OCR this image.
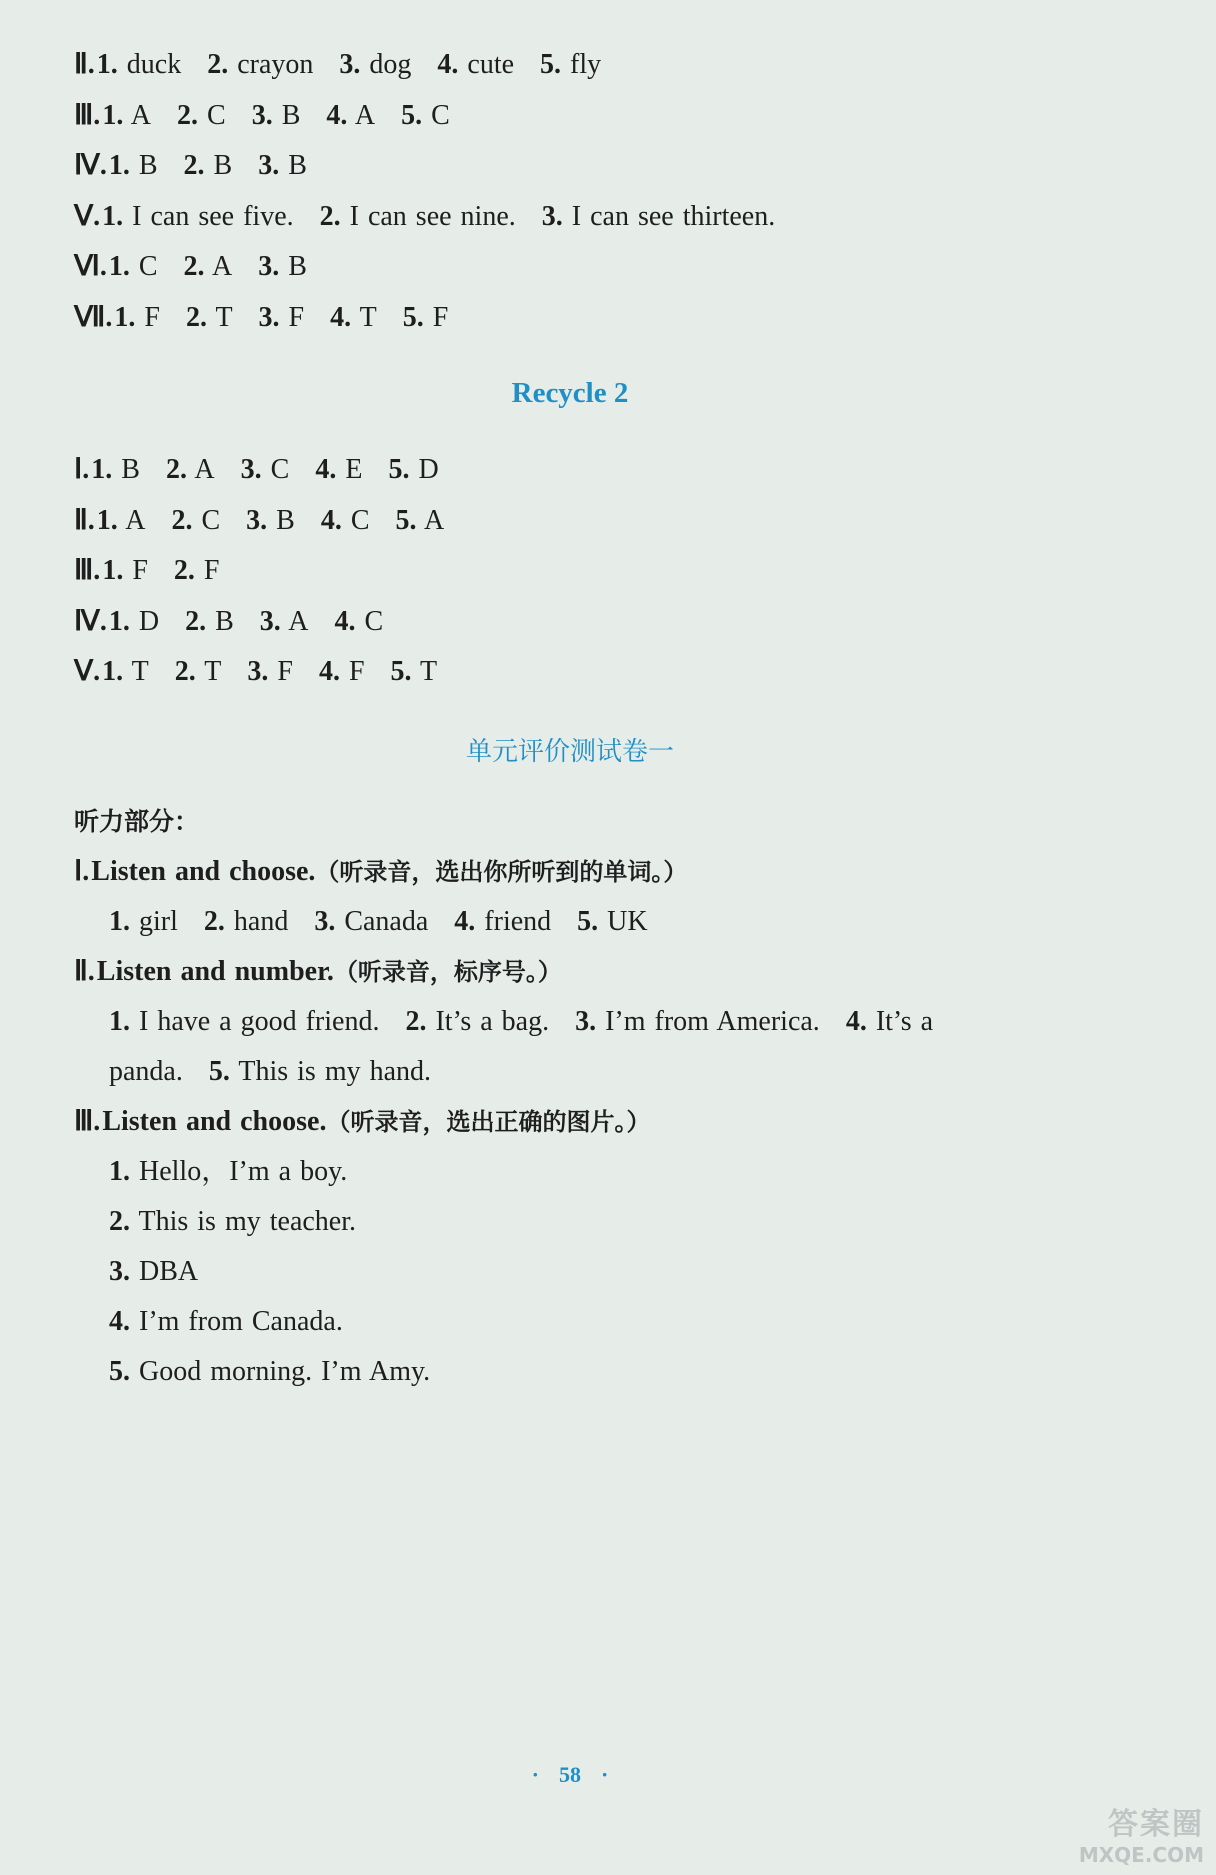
Ⅱ.1. duck 2. crayon 3. dog 4. cute 5. fly
Ⅲ.1. A 2. C 3. B 4. A 5. C
Ⅳ.1. B 2. B 3. B
Ⅴ.1. I can see five. 2. I can see nine. 3. I can see thirteen.
Ⅵ.1. C 2. A 3. B
Ⅶ.1. F 2. T 3. F 4. T 5. F
Recycle 2
Ⅰ.1. B 2. A 3. C 4. E 5. D
Ⅱ.1. A 2. C 3. B 4. C 5. A
Ⅲ.1. F 2. F
Ⅳ.1. D 2. B 3. A 4. C
Ⅴ.1. T 2. T 3. F 4. F 5. T
单元评价测试卷一
听力部分：
Ⅰ.Listen and choose.（听录音，选出你所听到的单词。）
1. girl 2. hand 3. Canada 4. friend 5. UK
Ⅱ.Listen and number.（听录音，标序号。）
1. I have a good friend. 2. It’s a bag. 3. I’m from America. 4. It’s a
panda. 5. This is my hand.
Ⅲ.Listen and choose.（听录音，选出正确的图片。）
1. Hello，I’m a boy.
2. This is my teacher.
3. DBA
4. I’m from Canada.
5. Good morning. I’m Amy.
· 58 ·
答案圈
MXQE.COM
